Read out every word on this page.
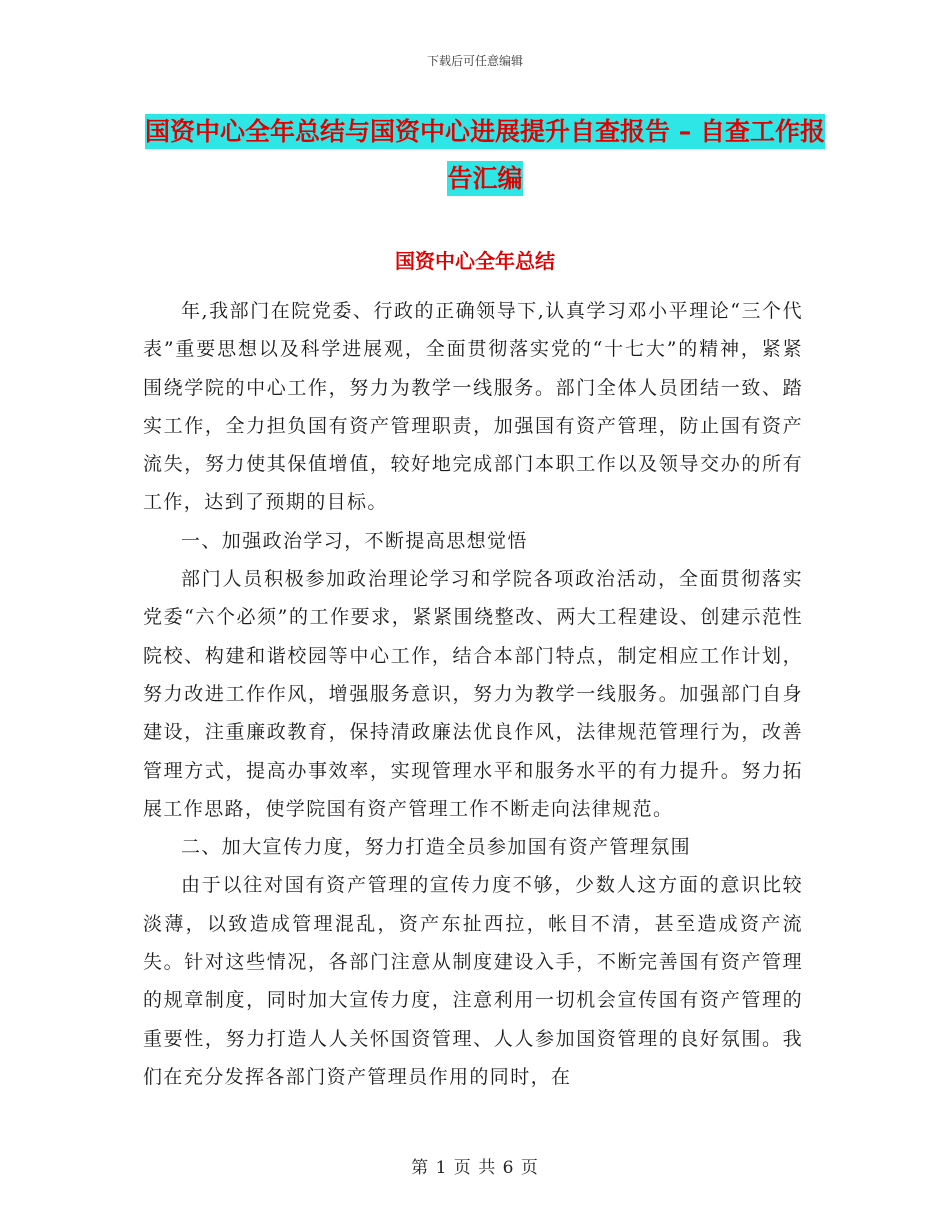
下载后可任意编辑
国资中心全年总结与国资中心进展提升自查报告 – 自查工作报告汇编
国资中心全年总结

年,我部门在院党委、行政的正确领导下,认真学习邓小平理论“三个代表”重要思想以及科学进展观，全面贯彻落实党的“十七大”的精神，紧紧围绕学院的中心工作，努力为教学一线服务。部门全体人员团结一致、踏实工作，全力担负国有资产管理职责，加强国有资产管理，防止国有资产流失，努力使其保值增值，较好地完成部门本职工作以及领导交办的所有工作，达到了预期的目标。

一、加强政治学习，不断提高思想觉悟

部门人员积极参加政治理论学习和学院各项政治活动，全面贯彻落实党委“六个必须”的工作要求，紧紧围绕整改、两大工程建设、创建示范性院校、构建和谐校园等中心工作，结合本部门特点，制定相应工作计划，努力改进工作作风，增强服务意识，努力为教学一线服务。加强部门自身建设，注重廉政教育，保持清政廉法优良作风，法律规范管理行为，改善管理方式，提高办事效率，实现管理水平和服务水平的有力提升。努力拓展工作思路，使学院国有资产管理工作不断走向法律规范。

二、加大宣传力度，努力打造全员参加国有资产管理氛围

由于以往对国有资产管理的宣传力度不够，少数人这方面的意识比较淡薄，以致造成管理混乱，资产东扯西拉，帐目不清，甚至造成资产流失。针对这些情况，各部门注意从制度建设入手，不断完善国有资产管理的规章制度，同时加大宣传力度，注意利用一切机会宣传国有资产管理的重要性，努力打造人人关怀国资管理、人人参加国资管理的良好氛围。我们在充分发挥各部门资产管理员作用的同时，在

第 1 页 共 6 页
